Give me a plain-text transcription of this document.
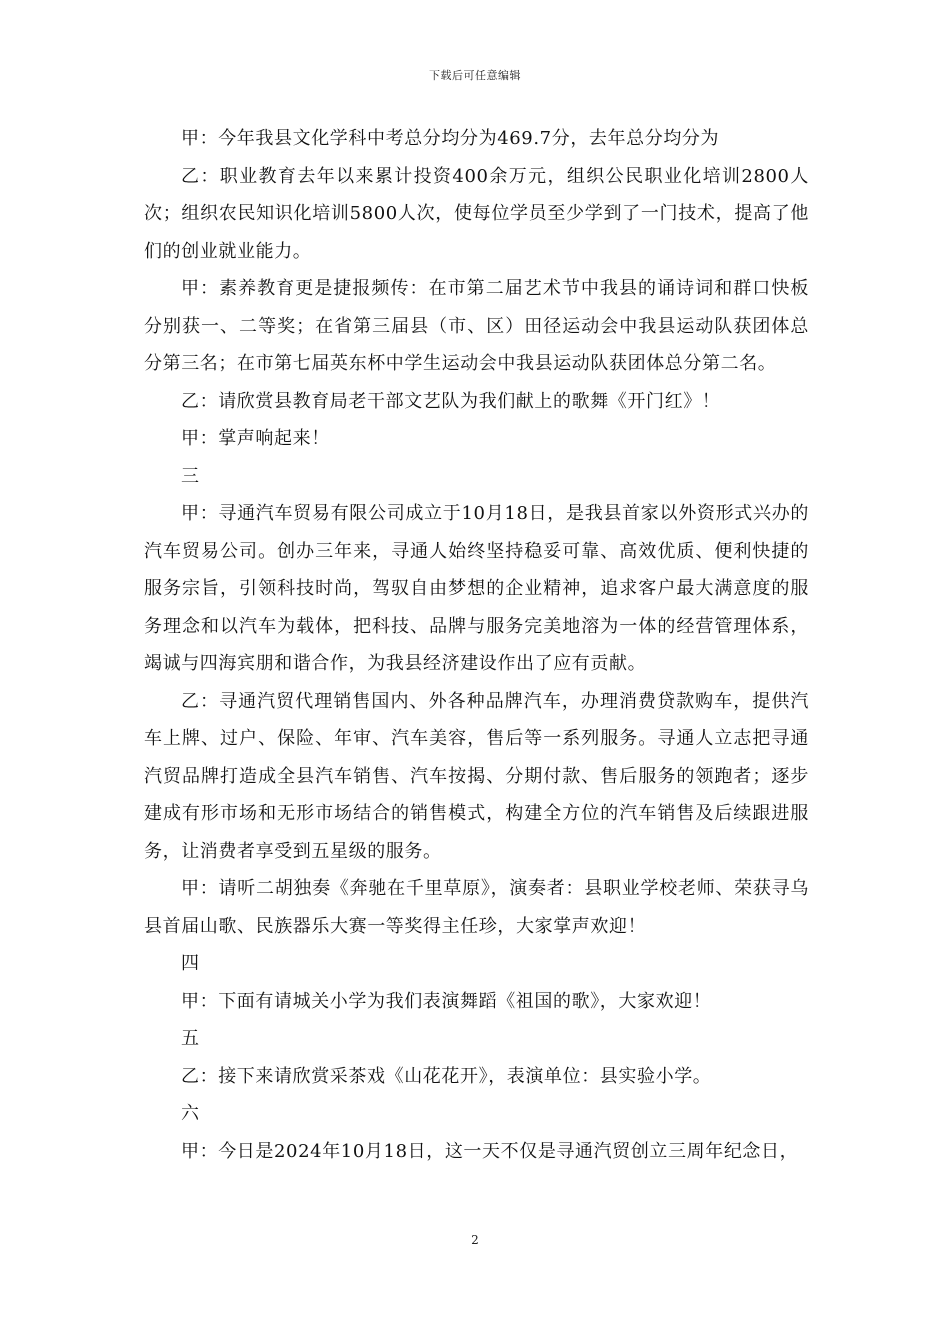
下载后可任意编辑

甲：今年我县文化学科中考总分均分为469.7分，去年总分均分为

乙：职业教育去年以来累计投资400余万元，组织公民职业化培训2800人次；组织农民知识化培训5800人次，使每位学员至少学到了一门技术，提高了他们的创业就业能力。

甲：素养教育更是捷报频传：在市第二届艺术节中我县的诵诗词和群口快板分别获一、二等奖；在省第三届县（市、区）田径运动会中我县运动队获团体总分第三名；在市第七届英东杯中学生运动会中我县运动队获团体总分第二名。

乙：请欣赏县教育局老干部文艺队为我们献上的歌舞《开门红》！

甲：掌声响起来！

三

甲：寻通汽车贸易有限公司成立于10月18日，是我县首家以外资形式兴办的汽车贸易公司。创办三年来，寻通人始终坚持稳妥可靠、高效优质、便利快捷的服务宗旨，引领科技时尚，驾驭自由梦想的企业精神，追求客户最大满意度的服务理念和以汽车为载体，把科技、品牌与服务完美地溶为一体的经营管理体系，竭诚与四海宾朋和谐合作，为我县经济建设作出了应有贡献。

乙：寻通汽贸代理销售国内、外各种品牌汽车，办理消费贷款购车，提供汽车上牌、过户、保险、年审、汽车美容，售后等一系列服务。寻通人立志把寻通汽贸品牌打造成全县汽车销售、汽车按揭、分期付款、售后服务的领跑者；逐步建成有形市场和无形市场结合的销售模式，构建全方位的汽车销售及后续跟进服务，让消费者享受到五星级的服务。

甲：请听二胡独奏《奔驰在千里草原》，演奏者：县职业学校老师、荣获寻乌县首届山歌、民族器乐大赛一等奖得主任珍，大家掌声欢迎！

四

甲：下面有请城关小学为我们表演舞蹈《祖国的歌》，大家欢迎！

五

乙：接下来请欣赏采茶戏《山花花开》，表演单位：县实验小学。

六

甲：今日是2024年10月18日，这一天不仅是寻通汽贸创立三周年纪念日，

2
